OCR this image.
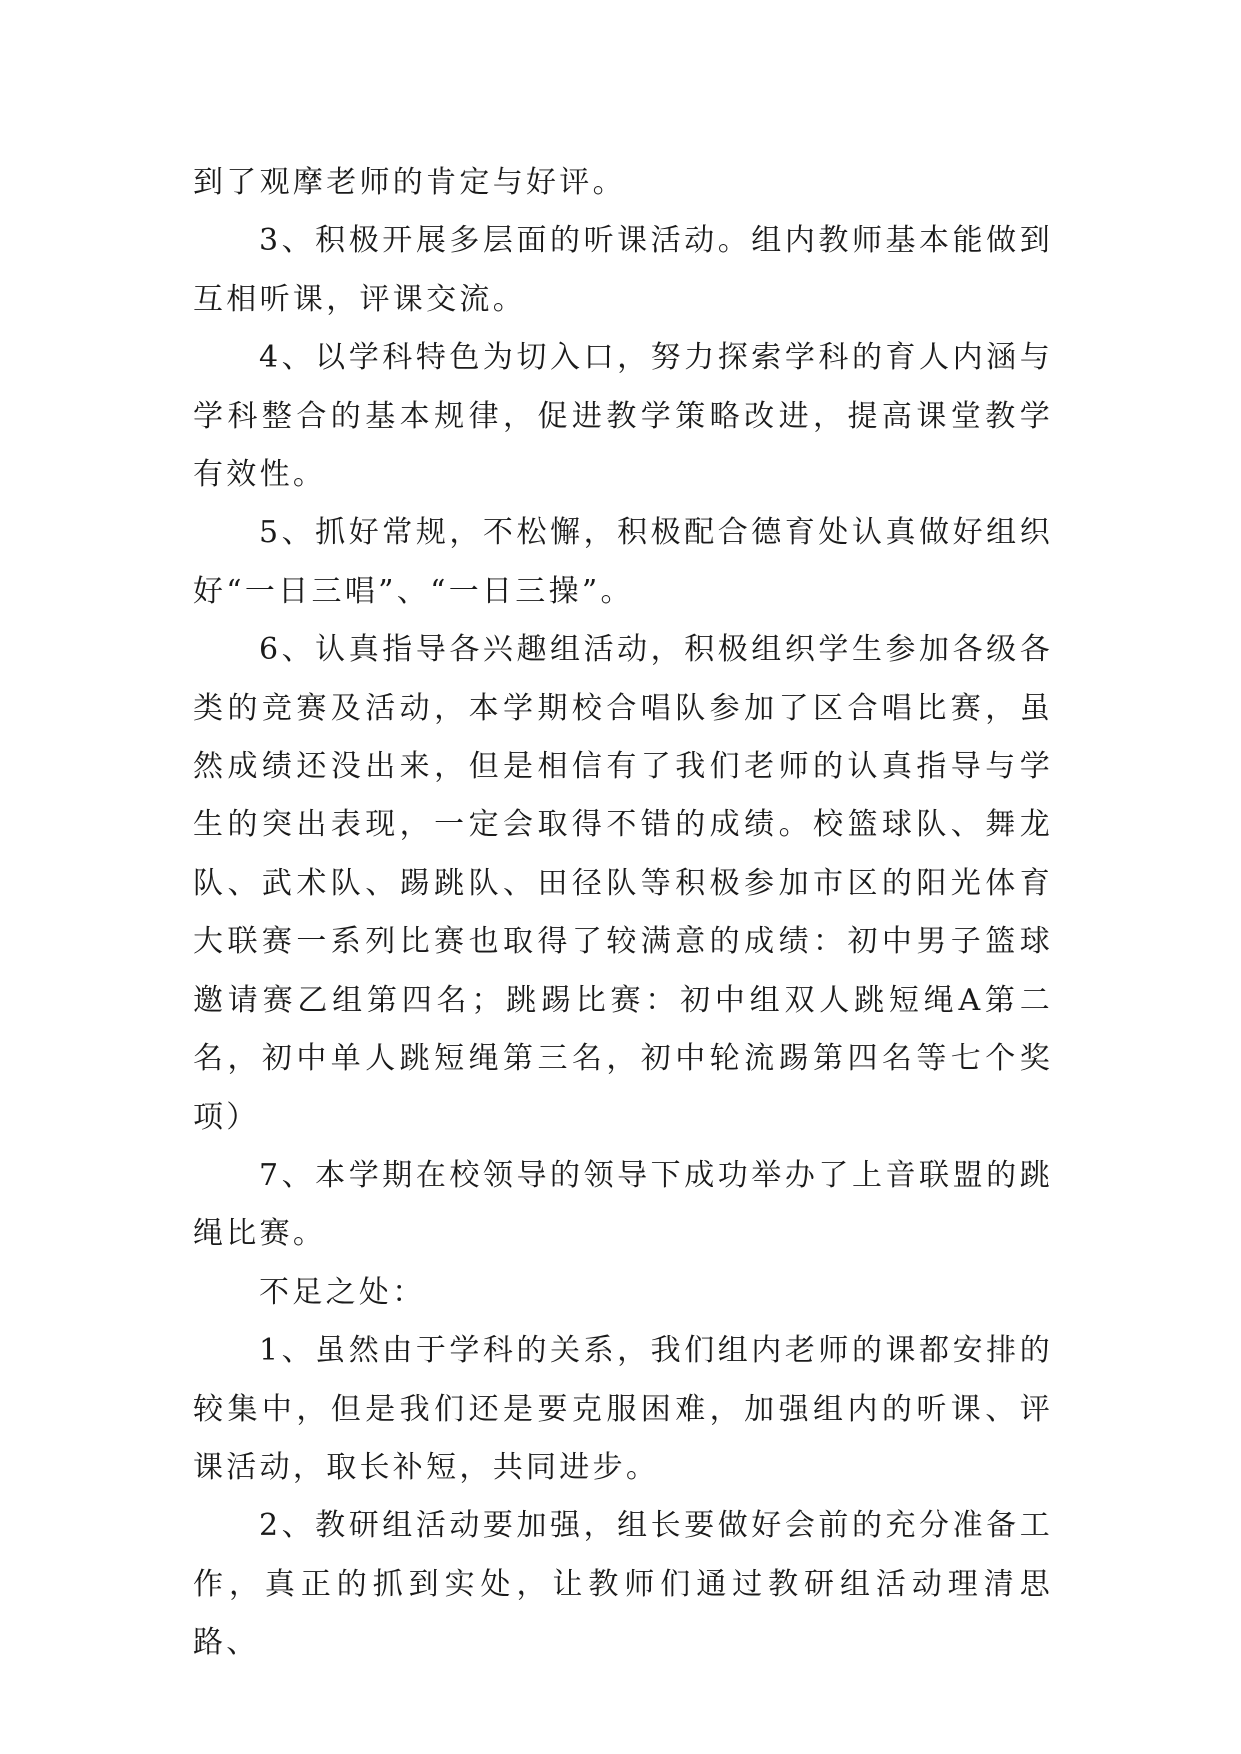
到了观摩老师的肯定与好评。

3、积极开展多层面的听课活动。组内教师基本能做到互相听课，评课交流。

4、以学科特色为切入口，努力探索学科的育人内涵与学科整合的基本规律，促进教学策略改进，提高课堂教学有效性。

5、抓好常规，不松懈，积极配合德育处认真做好组织好“一日三唱”、“一日三操”。

6、认真指导各兴趣组活动，积极组织学生参加各级各类的竞赛及活动，本学期校合唱队参加了区合唱比赛，虽然成绩还没出来，但是相信有了我们老师的认真指导与学生的突出表现，一定会取得不错的成绩。校篮球队、舞龙队、武术队、踢跳队、田径队等积极参加市区的阳光体育大联赛一系列比赛也取得了较满意的成绩：初中男子篮球邀请赛乙组第四名；跳踢比赛：初中组双人跳短绳A第二名，初中单人跳短绳第三名，初中轮流踢第四名等七个奖项）

7、本学期在校领导的领导下成功举办了上音联盟的跳绳比赛。

不足之处：

1、虽然由于学科的关系，我们组内老师的课都安排的较集中，但是我们还是要克服困难，加强组内的听课、评课活动，取长补短，共同进步。

2、教研组活动要加强，组长要做好会前的充分准备工作，真正的抓到实处，让教师们通过教研组活动理清思路、
